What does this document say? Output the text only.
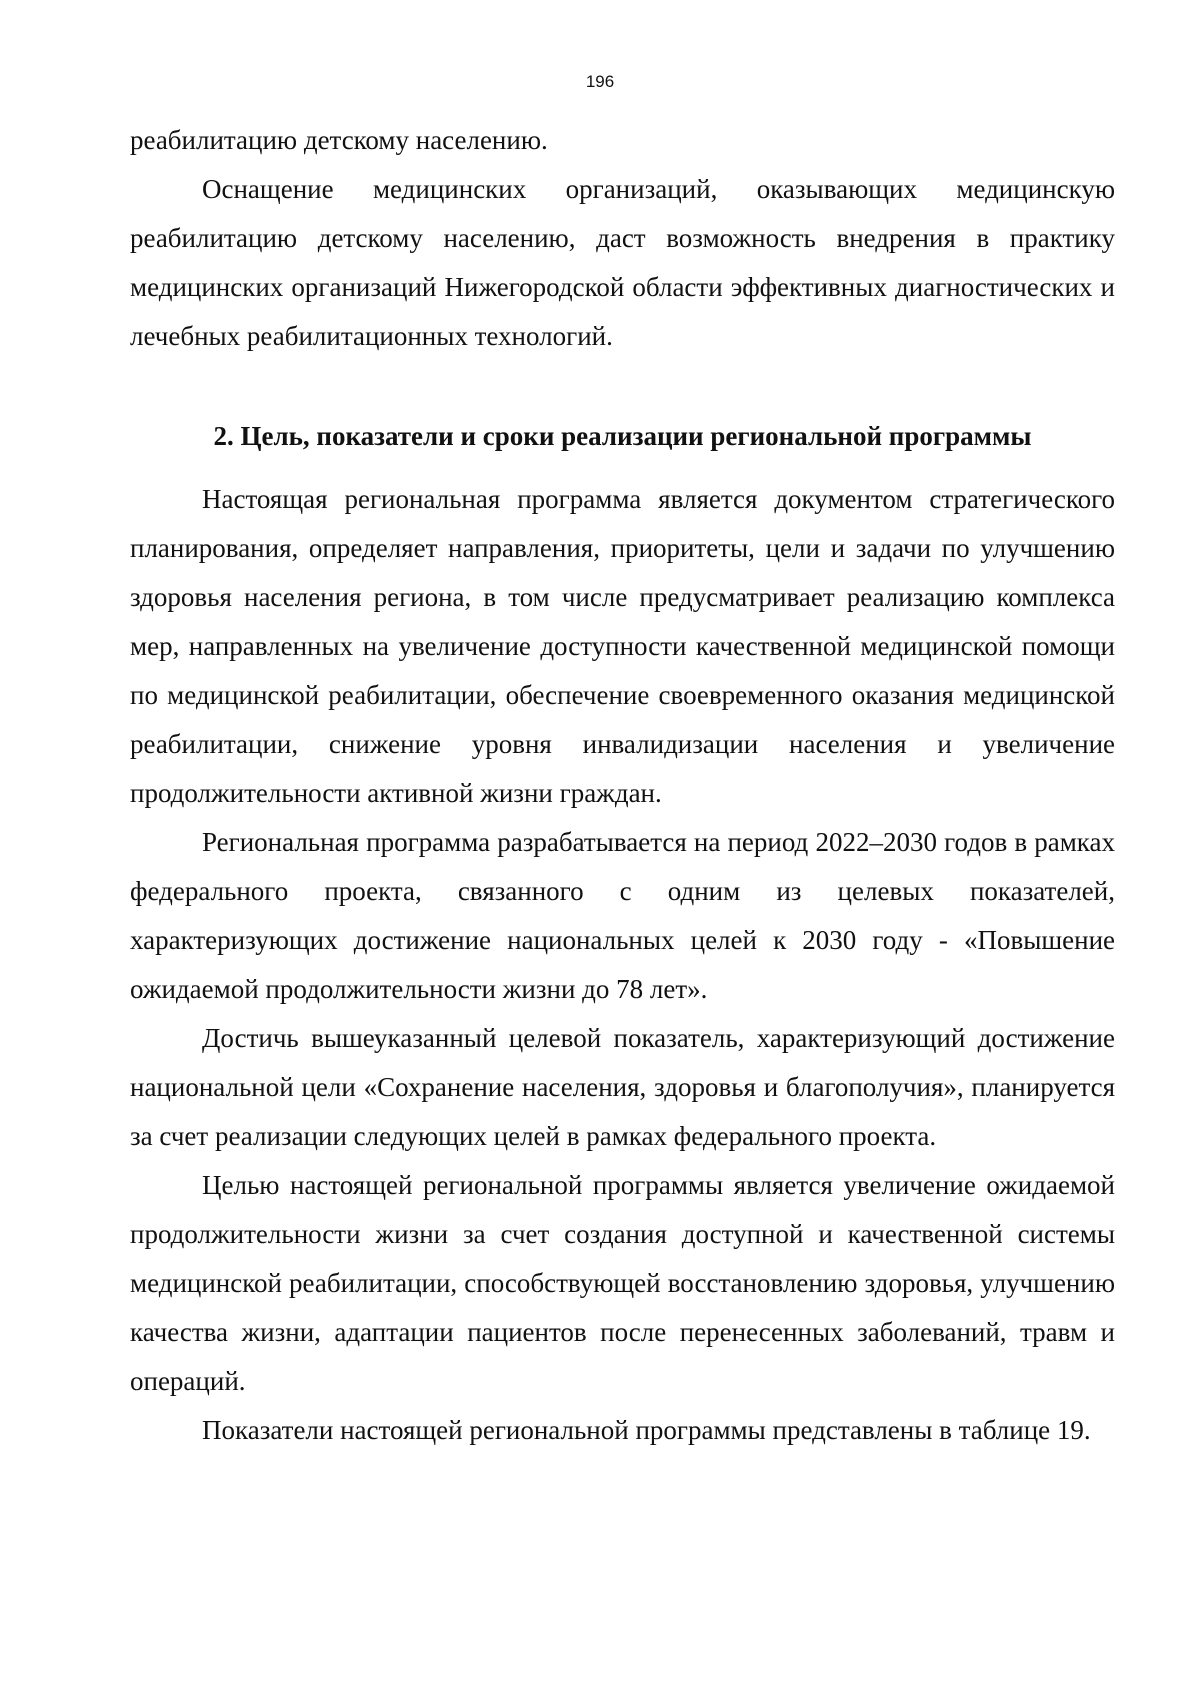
196

реабилитацию детскому населению.

Оснащение медицинских организаций, оказывающих медицинскую реабилитацию детскому населению, даст возможность внедрения в практику медицинских организаций Нижегородской области эффективных диагностических и лечебных реабилитационных технологий.

2. Цель, показатели и сроки реализации региональной программы

Настоящая региональная программа является документом стратегического планирования, определяет направления, приоритеты, цели и задачи по улучшению здоровья населения региона, в том числе предусматривает реализацию комплекса мер, направленных на увеличение доступности качественной медицинской помощи по медицинской реабилитации, обеспечение своевременного оказания медицинской реабилитации, снижение уровня инвалидизации населения и увеличение продолжительности активной жизни граждан.

Региональная программа разрабатывается на период 2022–2030 годов в рамках федерального проекта, связанного с одним из целевых показателей, характеризующих достижение национальных целей к 2030 году - «Повышение ожидаемой продолжительности жизни до 78 лет».

Достичь вышеуказанный целевой показатель, характеризующий достижение национальной цели «Сохранение населения, здоровья и благополучия», планируется за счет реализации следующих целей в рамках федерального проекта.

Целью настоящей региональной программы является увеличение ожидаемой продолжительности жизни за счет создания доступной и качественной системы медицинской реабилитации, способствующей восстановлению здоровья, улучшению качества жизни, адаптации пациентов после перенесенных заболеваний, травм и операций.

Показатели настоящей региональной программы представлены в таблице 19.
